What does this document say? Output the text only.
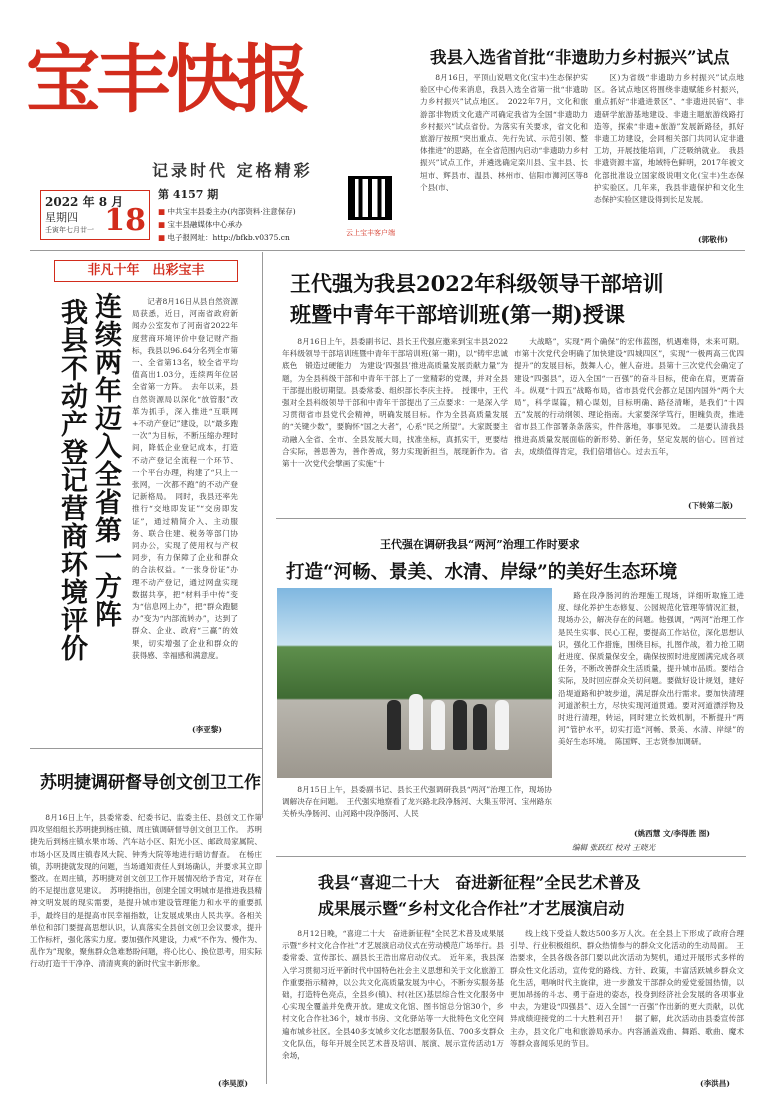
宝丰快报
记录时代 定格精彩
2022 年 8 月
星期四
壬寅年七月廿一 18
第 4157 期
■ 中共宝丰县委主办(内部资料·注意保存)
■ 宝丰县融媒体中心承办
■ 电子报网址：http://bfkb.v0375.cn	云上宝丰客户端
我县入选省首批“非遗助力乡村振兴”试点
8月16日，平顶山说唱文化(宝丰)生态保护实验区中心传来消息，我县入选全省第一批“非遗助力乡村振兴”试点地区。　2022年7月，文化和旅游部非物质文化遗产司确定我省为全国“非遗助力乡村振兴”试点省份。为落实有关要求，省文化和旅游厅按照“突出重点、先行先试、示范引领、整体推进”的思路，在全省范围内启动“非遗助力乡村振兴”试点工作，并遴选确定栾川县、宝丰县、长垣市、辉县市、温县、林州市、信阳市浉河区等8个县(市、
区)为省级“非遗助力乡村振兴”试点地区。各试点地区将围绕非遗赋能乡村振兴，重点抓好“非遗进景区”、“非遗进民宿”、非遗研学旅游基地建设、非遗主题旅游线路打造等，探索“非遗+旅游”发展新路径，抓好非遗工坊建设，会同相关部门共同认定非遗工坊，开展技能培训，广泛吸纳就业。　我县非遗资源丰富，地域特色鲜明，2017年被文化部批准设立国家级说唱文化(宝丰)生态保护实验区。几年来，我县非遗保护和文化生态保护实验区建设得到长足发展。
(郭敬伟)
非凡十年　出彩宝丰
连续两年迈入全省第一方阵
我县不动产登记营商环境评价	记者8月16日从县自然资源局获悉，近日，河南省政府新闻办公室发布了河南省2022年度营商环境评价中登记财产指标，我县以96.64分名列全市第一、全省第13名，较全省平均值高出1.03分，连续两年位居全省第一方阵。　去年以来，县自然资源局以深化“放管服”改革为抓手，深入推进“互联网+不动产登记”建设，以“最多跑一次”为目标，不断压缩办理时间，降低企业登记成本，打造不动产登记全流程一个环节、一个平台办理，构建了“只上一张网，一次都不跑”的不动产登记新格局。　同时，我县还率先推行“交地即发证”“交房即发证”，通过精简介入、主动服务、联合住建、税务等部门协同办公，实现了使用权与产权同步，有力保障了企业和群众的合法权益。“一张身份证”办理不动产登记，通过网盘实现数据共享，把“材料手中传”变为“信息网上办”，把“群众跑腿办”变为“内部流转办”，达到了群众、企业、政府“三赢”的效果，切实增强了企业和群众的获得感、幸福感和满意度。
(李亚黎)
王代强为我县2022年科级领导干部培训
班暨中青年干部培训班(第一期)授课
8月16日上午，县委副书记、县长王代强应邀来到宝丰县2022年科级领导干部培训班暨中青年干部培训班(第一期)，以“铸牢忠诚底色　锻造过硬能力　为建设‘四强县’推进高质量发展贡献力量”为题，为全县科级干部和中青年干部上了一堂精彩的党课，并对全县干部提出殷切期望。县委常委、组织部长李庆主持。　授课中，王代强对全县科级领导干部和中青年干部提出了三点要求：一是深入学习贯彻省市县党代会精神，明确发展目标。作为全县高质量发展的“关键少数”，要胸怀“国之大者”，心系“民之所望”。大家既要主动融入全省、全市、全县发展大局，找准坐标，真抓实干，更要结合实际，善思善为，善作善成，努力实现新担当，展现新作为。省第十一次党代会擘画了实施“十
大战略”，实现“两个确保”的宏伟蓝图，机遇难得，未来可期。市第十次党代会明确了加快建设“四城四区”，实现“一极两高三优四提升”的发展目标，鼓舞人心，催人奋进。县第十三次党代会确定了建设“四强县”，迈入全国“一百强”的奋斗目标，使命在肩，更需奋斗。纵观“十四五”战略布局，省市县党代会都立足国内国外“两个大局”，科学谋篇，精心谋划，目标明确、路径清晰，是我们“十四五”发展的行动纲领、理论指南。大家要深学笃行，胆魄负责，推进省市县工作部署条条落实，件件落地，事事见效。　二是要认清我县推进高质量发展面临的新形势、新任务，坚定发展的信心。回首过去，成绩值得肯定，我们倍增信心。过去五年，
(下转第二版)
王代强在调研我县“两河”治理工作时要求
打造“河畅、景美、水清、岸绿”的美好生态环境
路在段净肠河的治理施工现场，详细听取施工进度、绿化养护生态修复、公园规范化管理等情况汇报，现场办公，解决存在的问题。他强调，“两河”治理工作是民生实事、民心工程，要提高工作站位，深化思想认识，强化工作措施，围绕目标，扎图作战，着力抢工期赶进度、保质量保安全，确保按照时进度圆满完成各项任务，不断改善群众生活质量，提升城市品质。要结合实际，及时回应群众关切问题。要做好设计规划，建好沿堤道路和护坡步道，满足群众出行需求。要加快清理河道淤积土方，尽快实现河道贯通。要对河道漂浮物及时进行清理，转运，同时建立长效机制，不断提升“两河”管护水平，切实打造“河畅、景美、水清、岸绿”的美好生态环境。　陈国辉、王志贤参加调研。
8月15日上午，县委副书记、县长王代强调研我县“两河”治理工作，现场协调解决存在问题。　王代强实地察看了龙兴路北段净肠河、大集玉带河、宝州路东关桥头净肠河、山河路中段净肠河、人民
(姚西慧 文/李得胜 图)
编辑 张跃红 校对 王晓光
苏明捷调研督导创文创卫工作
8月16日上午，县委常委、纪委书记、监委主任、县创文工作第四攻坚组组长苏明捷到杨庄镇、周庄镇调研督导创文创卫工作。　苏明捷先后到杨庄镇水果市场、汽车站小区、阳光小区、邮政局家属院、市场小区及周庄镇春风大院、钟秀大院等地进行暗访督查。　在杨庄镇，苏明捷就发现的问题，当场通知责任人到场确认，并要求其立即整改。在周庄镇，苏明捷对创文创卫工作开展情况给予肯定，对存在的不足提出意见建议。　苏明捷指出，创建全国文明城市是推进我县精神文明发展的现实需要，是提升城市建设管理能力和水平的重要抓手，最终目的是提高市民幸福指数，让发展成果由人民共享。各相关单位和部门要提高思想认识，认真落实全县创文创卫会议要求，提升工作标杆，强化落实力度。要加强作风建设，力戒“不作为、慢作为、乱作为”现象，聚焦群众急难愁盼问题，将心比心、换位思考，用实际行动打造干干净净、清清爽爽的新时代宝丰新形象。
(李昊原)
我县“喜迎二十大　奋进新征程”全民艺术普及
成果展示暨“乡村文化合作社”才艺展演启动
8月12日晚，“喜迎二十大　奋进新征程”全民艺术普及成果展示暨“乡村文化合作社”才艺展演启动仪式在劳动模范广场举行。县委常委、宣传部长、副县长王浩出席启动仪式。　近年来，我县深入学习贯彻习近平新时代中国特色社会主义思想和关于文化旅游工作重要指示精神，以公共文化高质量发展为中心，不断夯实服务基础，打造特色亮点，全县乡(镇)、村(社区)基层综合性文化服务中心实现全覆盖并免费开放。建成文化馆、图书馆总分馆30个，乡村文化合作社36个，城市书房、文化驿站等一大批特色文化空间遍布城乡社区。全县40多支城乡文化志愿服务队伍、700多支群众文化队伍，每年开展全民艺术普及培训、展演、展示宣传活动1万余场，
线上线下受益人数达500多万人次。在全县上下形成了政府合理引导、行业积极组织、群众热情参与的群众文化活动的生动局面。　王浩要求，全县各级各部门要以此次活动为契机，通过开展形式多样的群众性文化活动，宣传党的路线、方针、政策，丰富活跃城乡群众文化生活，唱响时代主旋律，进一步激发干部群众的爱党爱国热情，以更加昂扬的斗志、勇于奋进的姿态，投身到经济社会发展的各项事业中去，为建设“四强县”、迈入全国“一百强”作出新的更大贡献，以优异成绩迎接党的二十大胜利召开！　据了解，此次活动由县委宣传部主办，县文化广电和旅游局承办。内容涵盖戏曲、舞蹈、歌曲、魔术等群众喜闻乐见的节目。
(李洪昌)
